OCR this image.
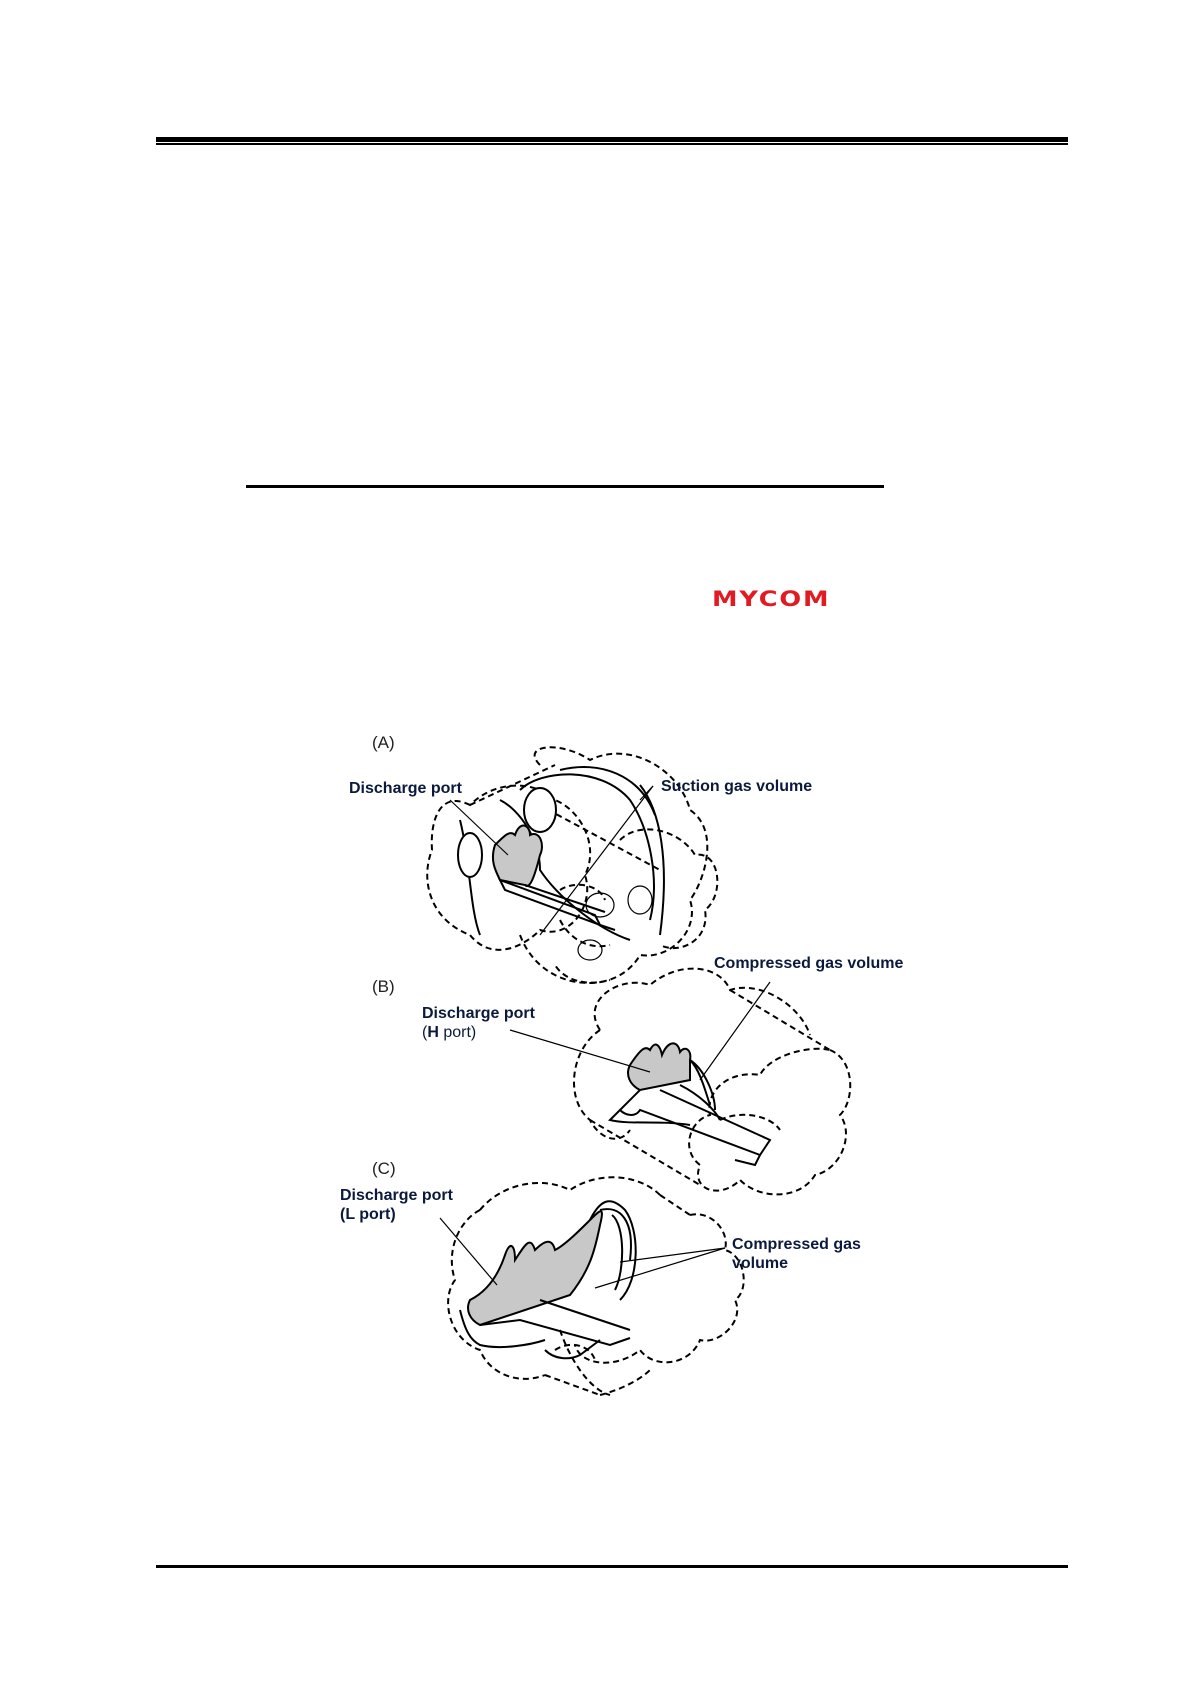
MYCOM
(A)
Discharge port	Suction gas volume
(B)
Compressed gas volume
Discharge port
(H port)
(C)
Discharge port
(L port)
Compressed gas
volume
